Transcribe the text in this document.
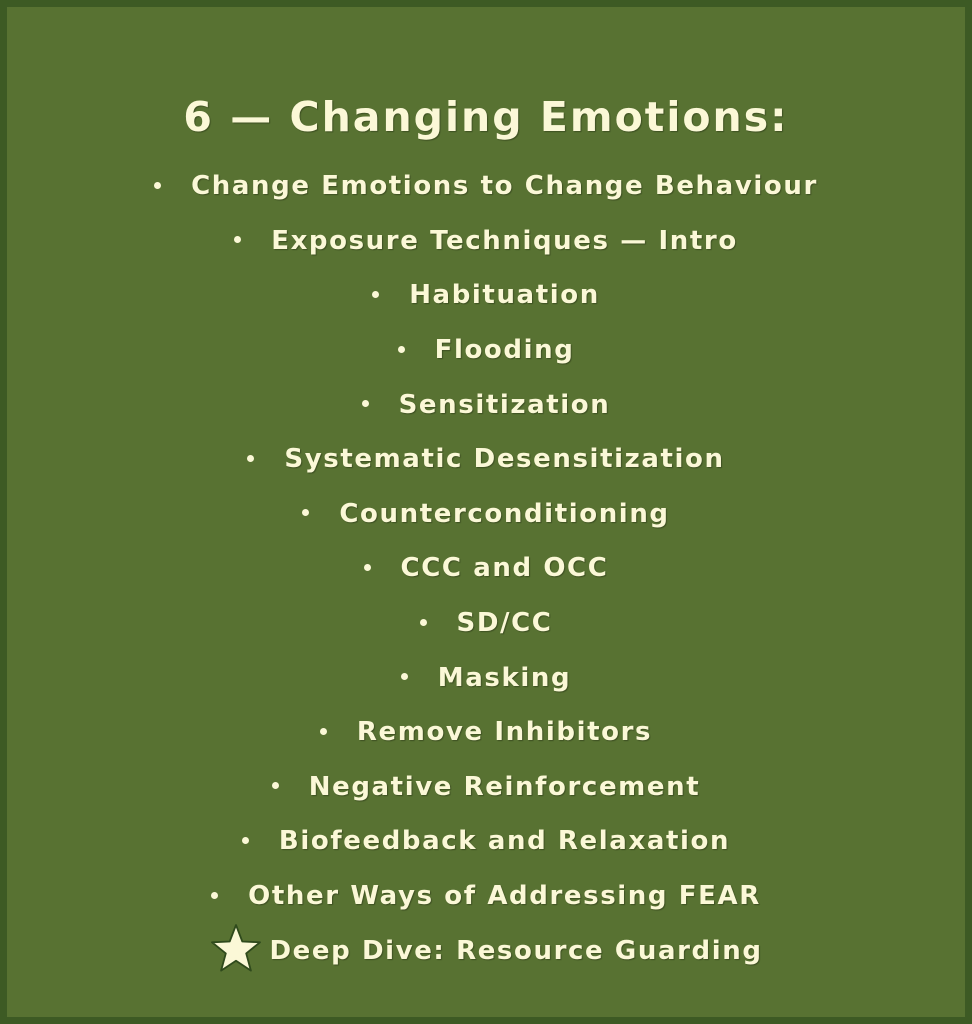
6 — Changing Emotions:
Change Emotions to Change Behaviour
Exposure Techniques — Intro
Habituation
Flooding
Sensitization
Systematic Desensitization
Counterconditioning
CCC and OCC
SD/CC
Masking
Remove Inhibitors
Negative Reinforcement
Biofeedback and Relaxation
Other Ways of Addressing FEAR
Deep Dive: Resource Guarding
